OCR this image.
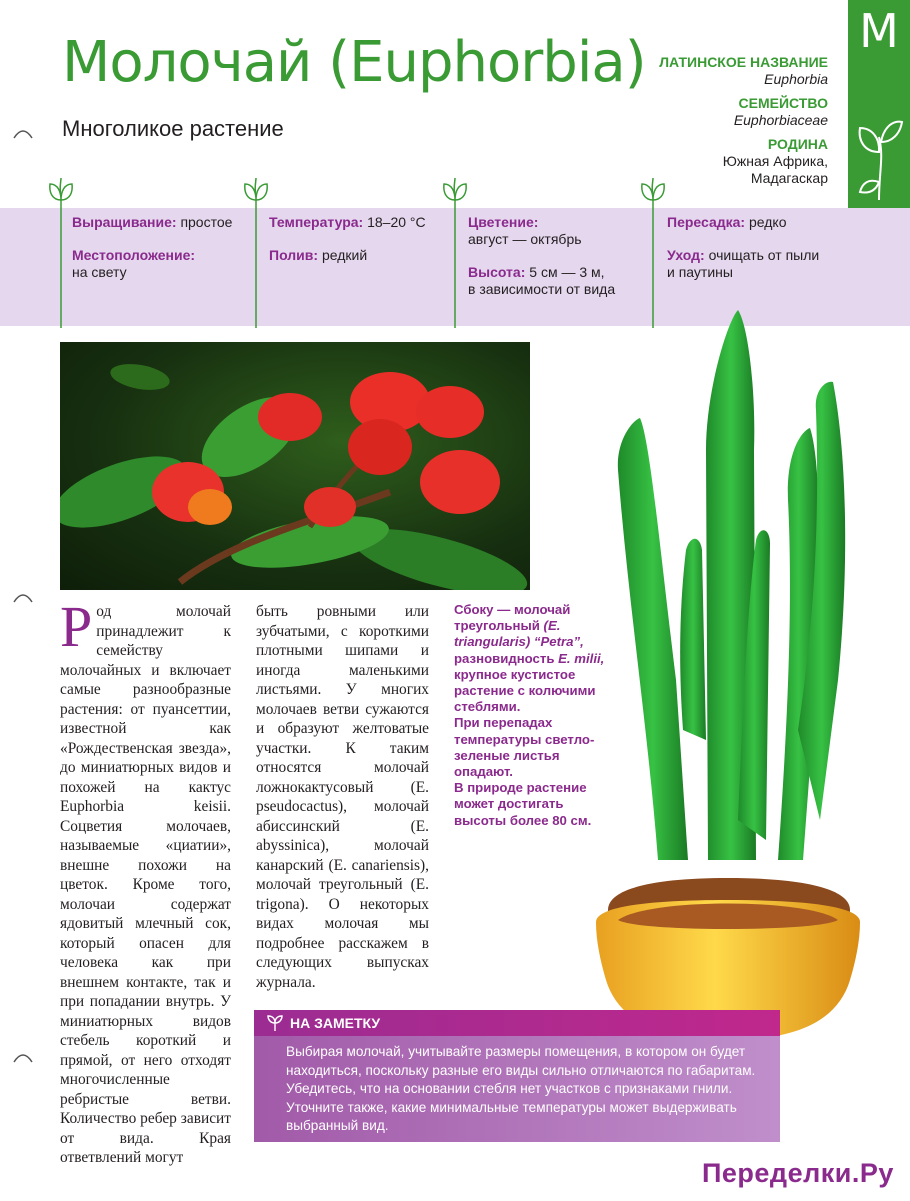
Молочай (Euphorbia)
Многоликое растение
ЛАТИНСКОЕ НАЗВАНИЕ
Euphorbia
СЕМЕЙСТВО
Euphorbiaceae
РОДИНА
Южная Африка,
Мадагаскар
М
Выращивание: простое
Местоположение:
на свету
Температура: 18–20 °С
Полив: редкий
Цветение:
август — октябрь
Высота: 5 см — 3 м,
в зависимости от вида
Пересадка: редко
Уход: очищать от пыли
и паутины
Род молочай принадлежит к семейству молочайных и включает самые разнообразные растения: от пуансеттии, известной как «Рождественская звезда», до миниатюрных видов и похожей на кактус Euphorbia keisii. Соцветия молочаев, называемые «циатии», внешне похожи на цветок. Кроме того, молочаи содержат ядовитый млечный сок, который опасен для человека как при внешнем контакте, так и при попадании внутрь. У миниатюрных видов стебель короткий и прямой, от него отходят многочисленные ребристые ветви. Количество ребер зависит от вида. Края ответвлений могут
быть ровными или зубчатыми, с короткими плотными шипами и иногда маленькими листьями. У многих молочаев ветви сужаются и образуют желтоватые участки. К таким относятся молочай ложнокактусовый (E. pseudocactus), молочай абиссинский (E. abyssinica), молочай канарский (E. canariensis), молочай треугольный (E. trigona). О некоторых видах молочая мы подробнее расскажем в следующих выпусках журнала.
Сбоку — молочай треугольный (E. triangularis) “Petra”, разновидность E. milii, крупное кустистое растение с колючими стеблями.
При перепадах температуры светло-зеленые листья опадают.
В природе растение может достигать высоты более 80 см.
НА ЗАМЕТКУ
Выбирая молочай, учитывайте размеры помещения, в котором он будет находиться, поскольку разные его виды сильно отличаются по габаритам. Убедитесь, что на основании стебля нет участков с признаками гнили. Уточните также, какие минимальные температуры может выдерживать выбранный вид.
Переделки.Ру
